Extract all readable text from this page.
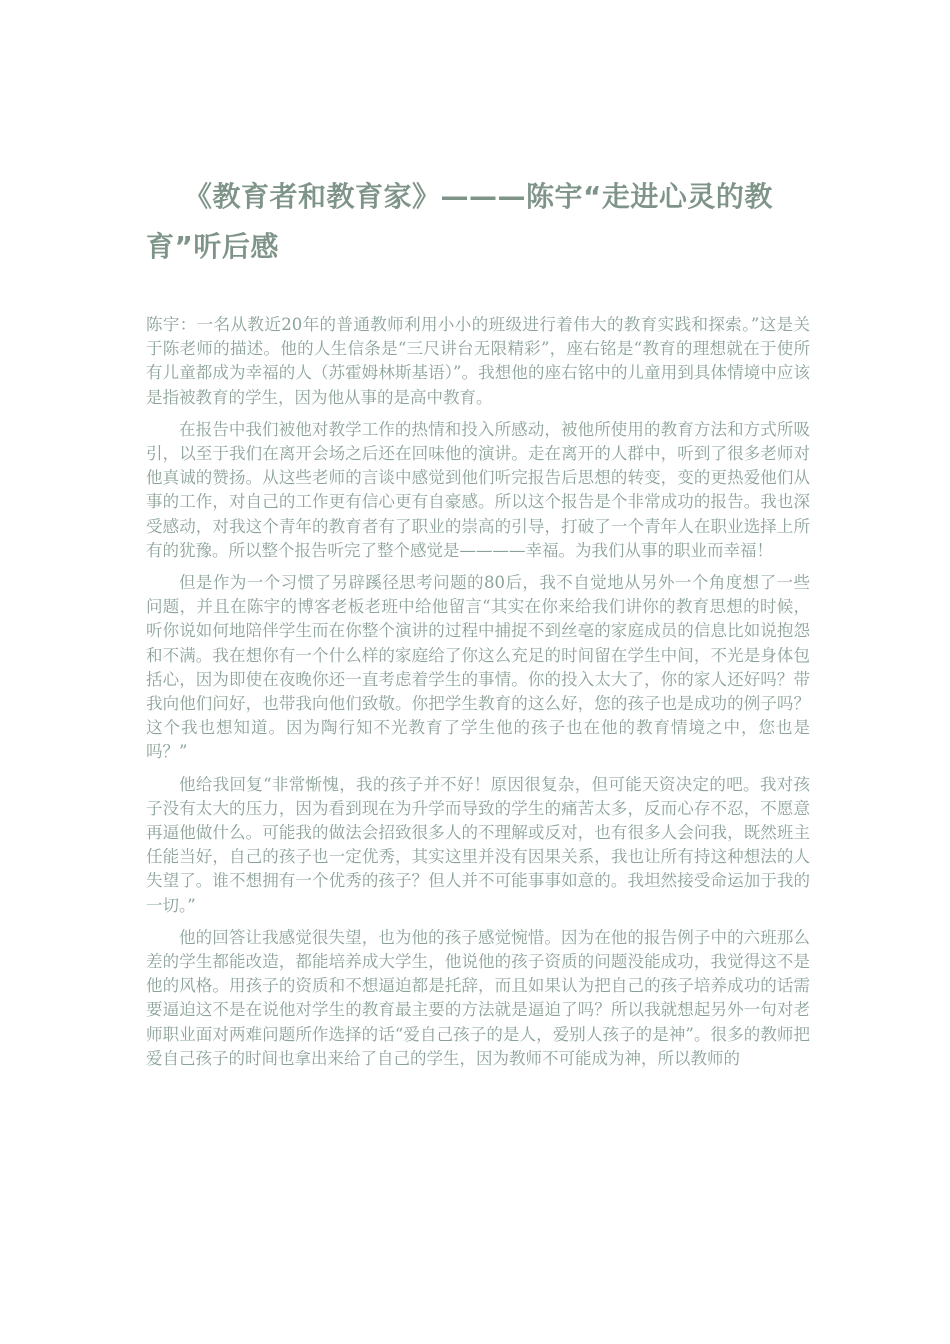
《教育者和教育家》———陈宇“走进心灵的教育”听后感

陈宇：一名从教近20年的普通教师利用小小的班级进行着伟大的教育实践和探索。”这是关于陈老师的描述。他的人生信条是“三尺讲台无限精彩”，座右铭是“教育的理想就在于使所有儿童都成为幸福的人（苏霍姆林斯基语）”。我想他的座右铭中的儿童用到具体情境中应该是指被教育的学生，因为他从事的是高中教育。

在报告中我们被他对教学工作的热情和投入所感动，被他所使用的教育方法和方式所吸引，以至于我们在离开会场之后还在回味他的演讲。走在离开的人群中，听到了很多老师对他真诚的赞扬。从这些老师的言谈中感觉到他们听完报告后思想的转变，变的更热爱他们从事的工作，对自己的工作更有信心更有自豪感。所以这个报告是个非常成功的报告。我也深受感动，对我这个青年的教育者有了职业的崇高的引导，打破了一个青年人在职业选择上所有的犹豫。所以整个报告听完了整个感觉是————幸福。为我们从事的职业而幸福！

但是作为一个习惯了另辟蹊径思考问题的80后，我不自觉地从另外一个角度想了一些问题，并且在陈宇的博客老板老班中给他留言“其实在你来给我们讲你的教育思想的时候，听你说如何地陪伴学生而在你整个演讲的过程中捕捉不到丝毫的家庭成员的信息比如说抱怨和不满。我在想你有一个什么样的家庭给了你这么充足的时间留在学生中间，不光是身体包括心，因为即使在夜晚你还一直考虑着学生的事情。你的投入太大了，你的家人还好吗？带我向他们问好，也带我向他们致敬。你把学生教育的这么好，您的孩子也是成功的例子吗？这个我也想知道。因为陶行知不光教育了学生他的孩子也在他的教育情境之中，您也是吗？”

他给我回复“非常惭愧，我的孩子并不好！原因很复杂，但可能天资决定的吧。我对孩子没有太大的压力，因为看到现在为升学而导致的学生的痛苦太多，反而心存不忍，不愿意再逼他做什么。可能我的做法会招致很多人的不理解或反对，也有很多人会问我，既然班主任能当好，自己的孩子也一定优秀，其实这里并没有因果关系，我也让所有持这种想法的人失望了。谁不想拥有一个优秀的孩子？但人并不可能事事如意的。我坦然接受命运加于我的一切。”

他的回答让我感觉很失望，也为他的孩子感觉惋惜。因为在他的报告例子中的六班那么差的学生都能改造，都能培养成大学生，他说他的孩子资质的问题没能成功，我觉得这不是他的风格。用孩子的资质和不想逼迫都是托辞，而且如果认为把自己的孩子培养成功的话需要逼迫这不是在说他对学生的教育最主要的方法就是逼迫了吗？所以我就想起另外一句对老师职业面对两难问题所作选择的话“爱自己孩子的是人，爱别人孩子的是神”。很多的教师把爱自己孩子的时间也拿出来给了自己的学生，因为教师不可能成为神，所以教师的
